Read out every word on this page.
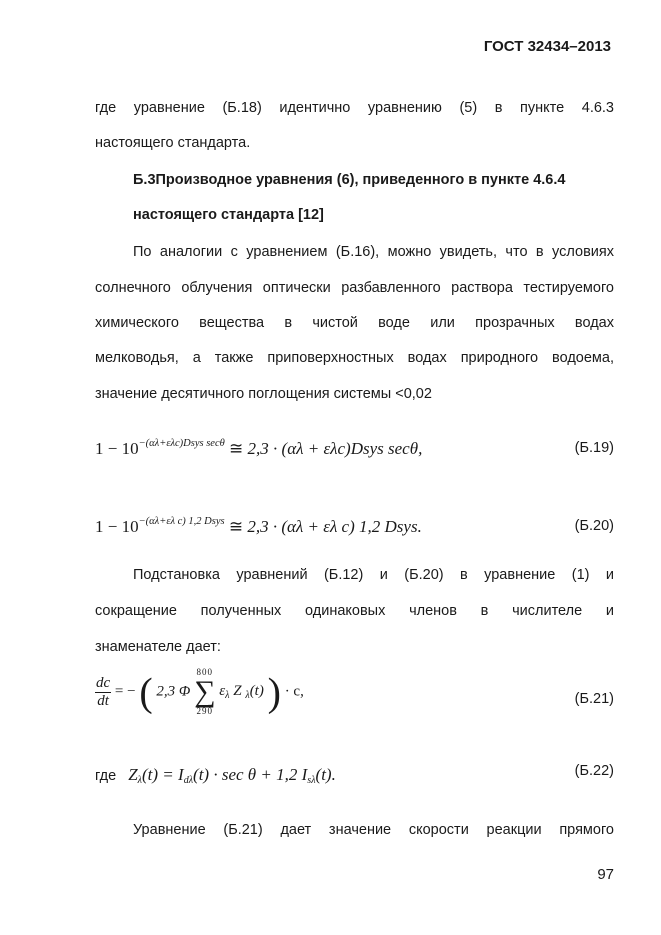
ГОСТ 32434–2013
где уравнение (Б.18) идентично уравнению (5) в пункте 4.6.3
настоящего стандарта.
Б.3Производное уравнения (6), приведенного в пункте 4.6.4
настоящего стандарта [12]
По аналогии с уравнением (Б.16), можно увидеть, что в условиях
солнечного облучения оптически разбавленного раствора тестируемого
химического вещества в чистой воде или прозрачных водах
мелководья, а также приповерхностных водах природного водоема,
значение десятичного поглощения системы <0,02
$1 - 10^{-(\alpha\lambda+\varepsilon\lambda c)Dsys sec\theta}$ ≅ 2,3 · (αλ + ελc)Dsys secθ,	(Б.19)
$1 - 10^{-(\alpha\lambda+\varepsilon\lambda c) 1,2 Dsys}$ ≅ 2,3 · (αλ + ελ c) 1,2 Dsys.	(Б.20)
Подстановка уравнений (Б.12) и (Б.20) в уравнение (1) и
сокращение полученных одинаковых членов в числителе и
знаменателе дает:
$\frac{dc}{dt}$ = − ( 2,3 Φ
800
∑
290
$\varepsilon_\lambda$ Z $_\lambda$(t) ) · c,	(Б.21)
где $Z_\lambda(t) = I_{d\lambda}(t) \cdot \sec \theta + 1,2$ $I_{s\lambda}(t)$.	(Б.22)
Уравнение (Б.21) дает значение скорости реакции прямого
97
